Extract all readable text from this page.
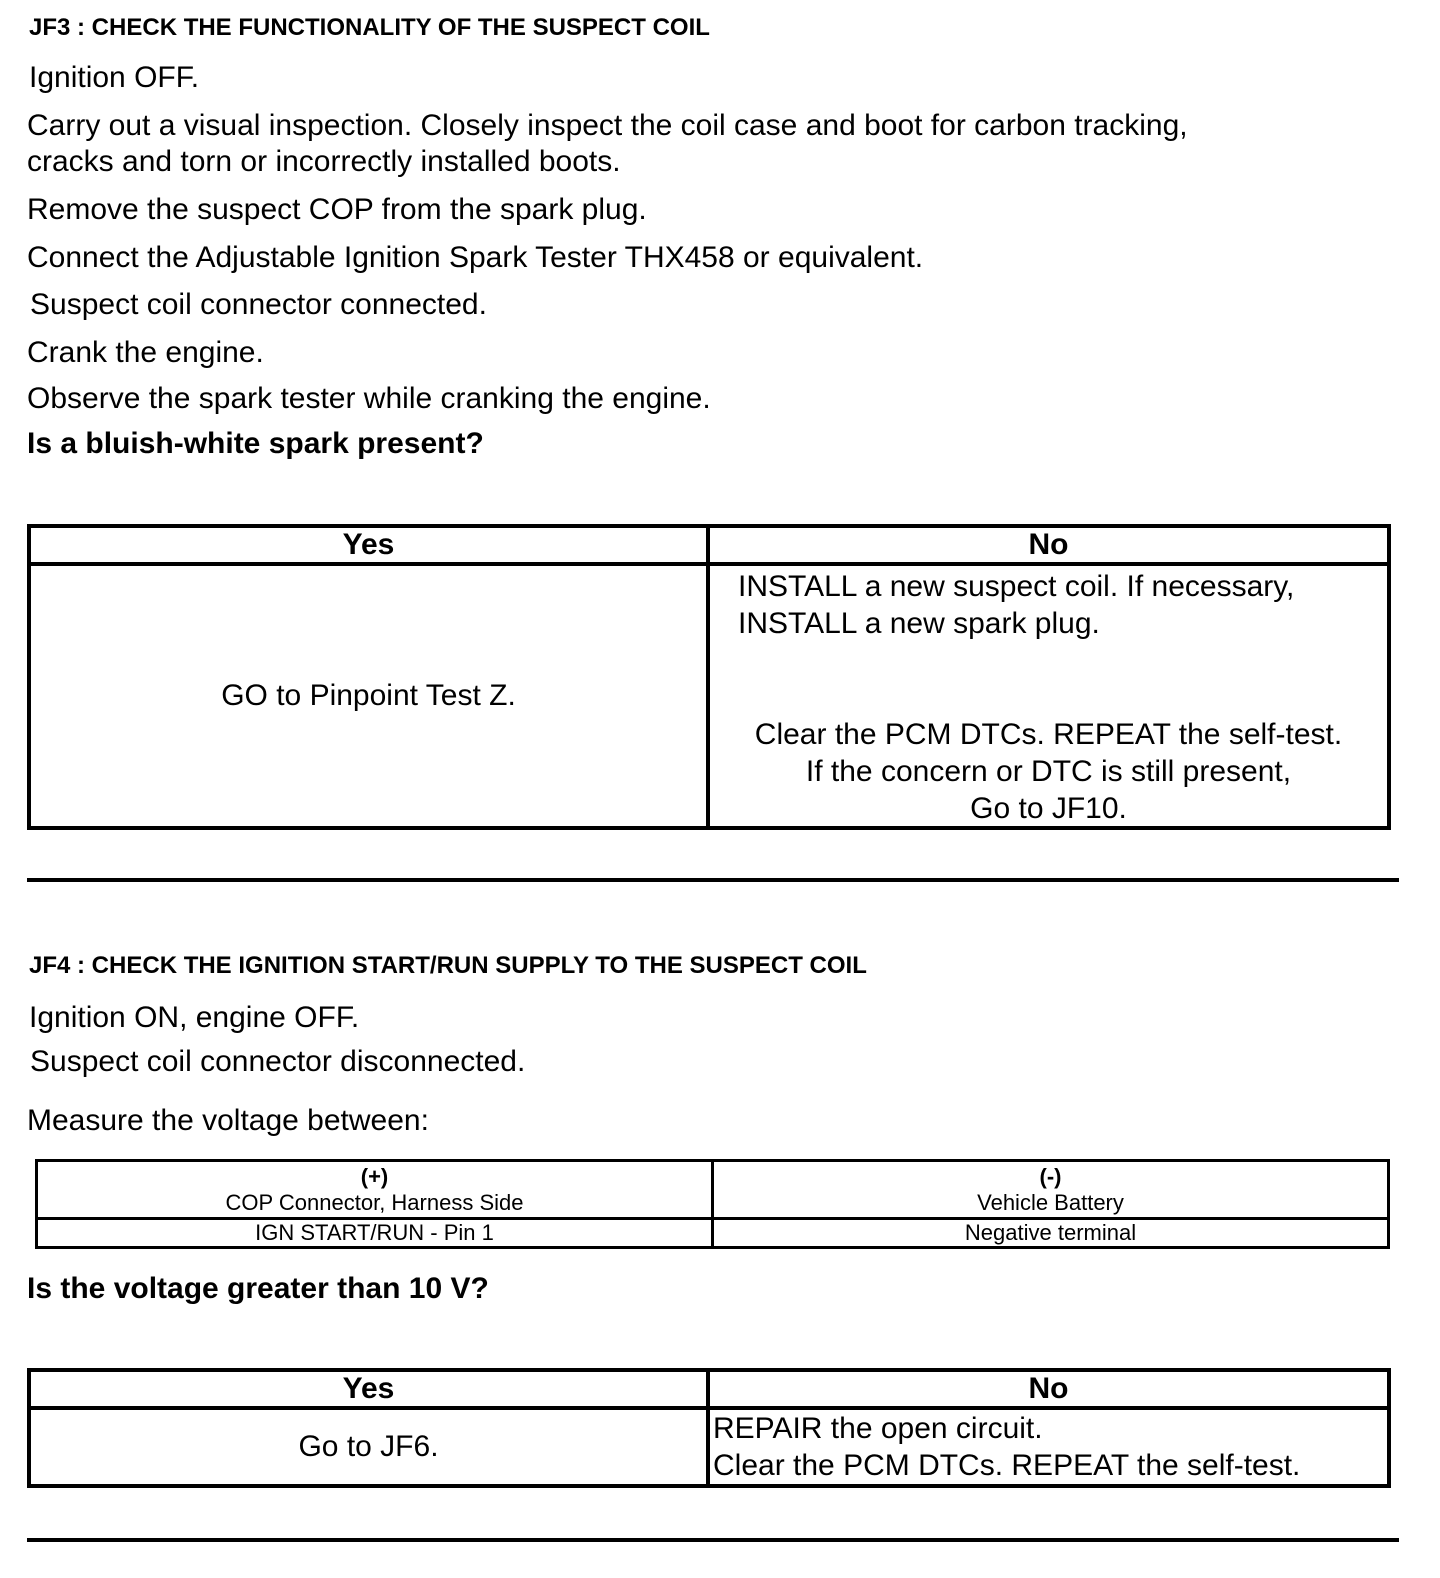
JF3 : CHECK THE FUNCTIONALITY OF THE SUSPECT COIL
Ignition OFF.
Carry out a visual inspection. Closely inspect the coil case and boot for carbon tracking,
cracks and torn or incorrectly installed boots.
Remove the suspect COP from the spark plug.
Connect the Adjustable Ignition Spark Tester THX458 or equivalent.
Suspect coil connector connected.
Crank the engine.
Observe the spark tester while cranking the engine.
Is a bluish-white spark present?
Yes	No
GO to Pinpoint Test Z.	INSTALL a new suspect coil. If necessary,
INSTALL a new spark plug.
Clear the PCM DTCs. REPEAT the self-test.
If the concern or DTC is still present,
Go to JF10.
JF4 : CHECK THE IGNITION START/RUN SUPPLY TO THE SUSPECT COIL
Ignition ON, engine OFF.
Suspect coil connector disconnected.
Measure the voltage between:
(+)
COP Connector, Harness Side	(-)
Vehicle Battery

IGN START/RUN - Pin 1	Negative terminal
Is the voltage greater than 10 V?
Yes	No
Go to JF6.	REPAIR the open circuit.
Clear the PCM DTCs. REPEAT the self-test.
